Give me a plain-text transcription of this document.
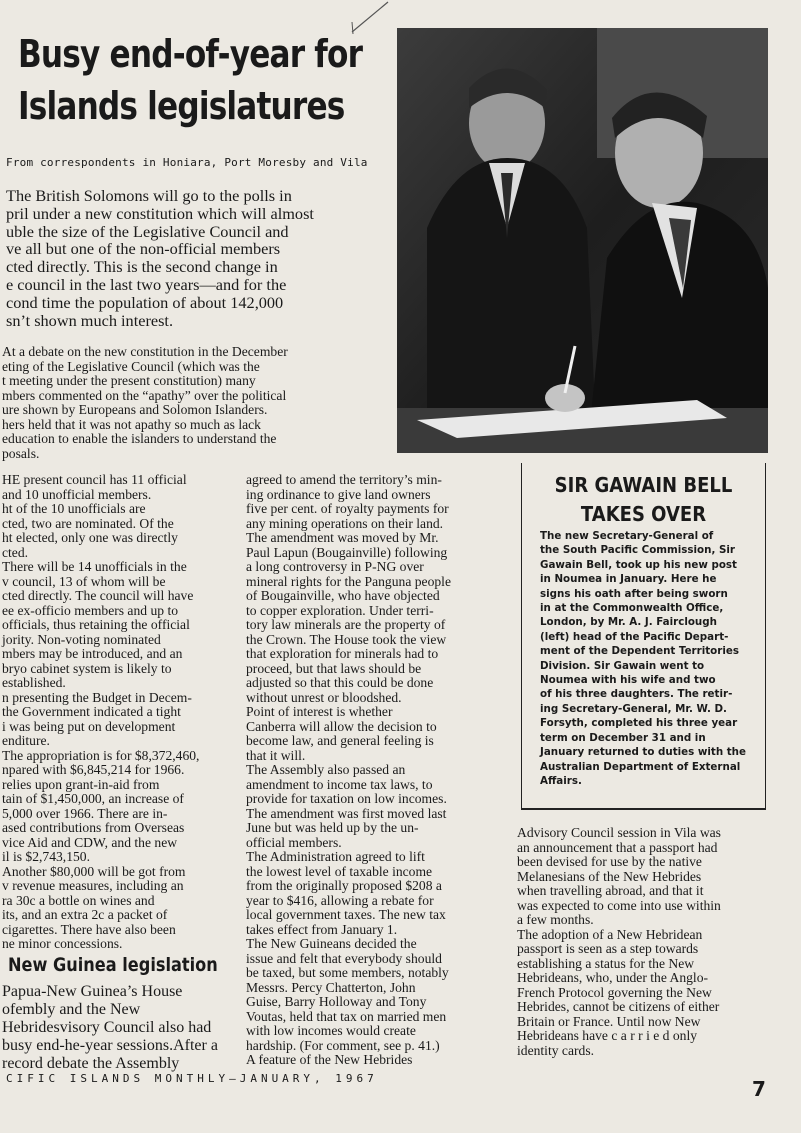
Busy end-of-year for
Islands legislatures
From correspondents in Honiara, Port Moresby and Vila

The British Solomons will go to the polls in

pril under a new constitution which will almost

uble the size of the Legislative Council and

ve all but one of the non-official members

cted directly. This is the second change in

e council in the last two years—and for the

cond time the population of about 142,000

sn’t shown much interest.

At a debate on the new constitution in the December

eting of the Legislative Council (which was the

t meeting under the present constitution) many

mbers commented on the “apathy” over the political

ure shown by Europeans and Solomon Islanders.

hers held that it was not apathy so much as lack

education to enable the islanders to understand the

posals.

HE present council has 11 official
and 10 unofficial members.
ht of the 10 unofficials are
cted, two are nominated. Of the
ht elected, only one was directly
cted.
There will be 14 unofficials in the
v council, 13 of whom will be
cted directly. The council will have
ee ex-officio members and up to
officials, thus retaining the official
jority. Non-voting nominated
mbers may be introduced, and an
bryo cabinet system is likely to
established.
n presenting the Budget in Decem-
the Government indicated a tight
i was being put on development
enditure.
The appropriation is for $8,372,460,
npared with $6,845,214 for 1966.
relies upon grant-in-aid from
tain of $1,450,000, an increase of
5,000 over 1966. There are in-
ased contributions from Overseas
vice Aid and CDW, and the new
il is $2,743,150.
Another $80,000 will be got from
v revenue measures, including an
ra 30c a bottle on wines and
its, and an extra 2c a packet of
cigarettes. There have also been
ne minor concessions.
New Guinea legislation
Papua-New Guinea’s House ofembly and the New Hebridesvisory Council also had busy end-he-year sessions.After a record debate the Assembly
agreed to amend the territory’s min-
ing ordinance to give land owners
five per cent. of royalty payments for
any mining operations on their land.
The amendment was moved by Mr.
Paul Lapun (Bougainville) following
a long controversy in P-NG over
mineral rights for the Panguna people
of Bougainville, who have objected
to copper exploration. Under terri-
tory law minerals are the property of
the Crown. The House took the view
that exploration for minerals had to
proceed, but that laws should be
adjusted so that this could be done
without unrest or bloodshed.
Point of interest is whether
Canberra will allow the decision to
become law, and general feeling is
that it will.
The Assembly also passed an
amendment to income tax laws, to
provide for taxation on low incomes.
The amendment was first moved last
June but was held up by the un-
official members.
The Administration agreed to lift
the lowest level of taxable income
from the originally proposed $208 a
year to $416, allowing a rebate for
local government taxes. The new tax
takes effect from January 1.
The New Guineans decided the
issue and felt that everybody should
be taxed, but some members, notably
Messrs. Percy Chatterton, John
Guise, Barry Holloway and Tony
Voutas, held that tax on married men
with low incomes would create
hardship. (For comment, see p. 41.)
A feature of the New Hebrides
SIR GAWAIN BELL
TAKES OVER
The new Secretary-General of
the South Pacific Commission, Sir
Gawain Bell, took up his new post
in Noumea in January. Here he
signs his oath after being sworn
in at the Commonwealth Office,
London, by Mr. A. J. Fairclough
(left) head of the Pacific Depart-
ment of the Dependent Territories
Division. Sir Gawain went to
Noumea with his wife and two
of his three daughters. The retir-
ing Secretary-General, Mr. W. D.
Forsyth, completed his three year
term on December 31 and in
January returned to duties with the
Australian Department of External
Affairs.
Advisory Council session in Vila was
an announcement that a passport had
been devised for use by the native
Melanesians of the New Hebrides
when travelling abroad, and that it
was expected to come into use within
a few months.
The adoption of a New Hebridean
passport is seen as a step towards
establishing a status for the New
Hebrideans, who, under the Anglo-
French Protocol governing the New
Hebrides, cannot be citizens of either
Britain or France. Until now New
Hebrideans have c a r r i e d only
identity cards.
CIFIC ISLANDS MONTHLY—JANUARY, 1967	7
